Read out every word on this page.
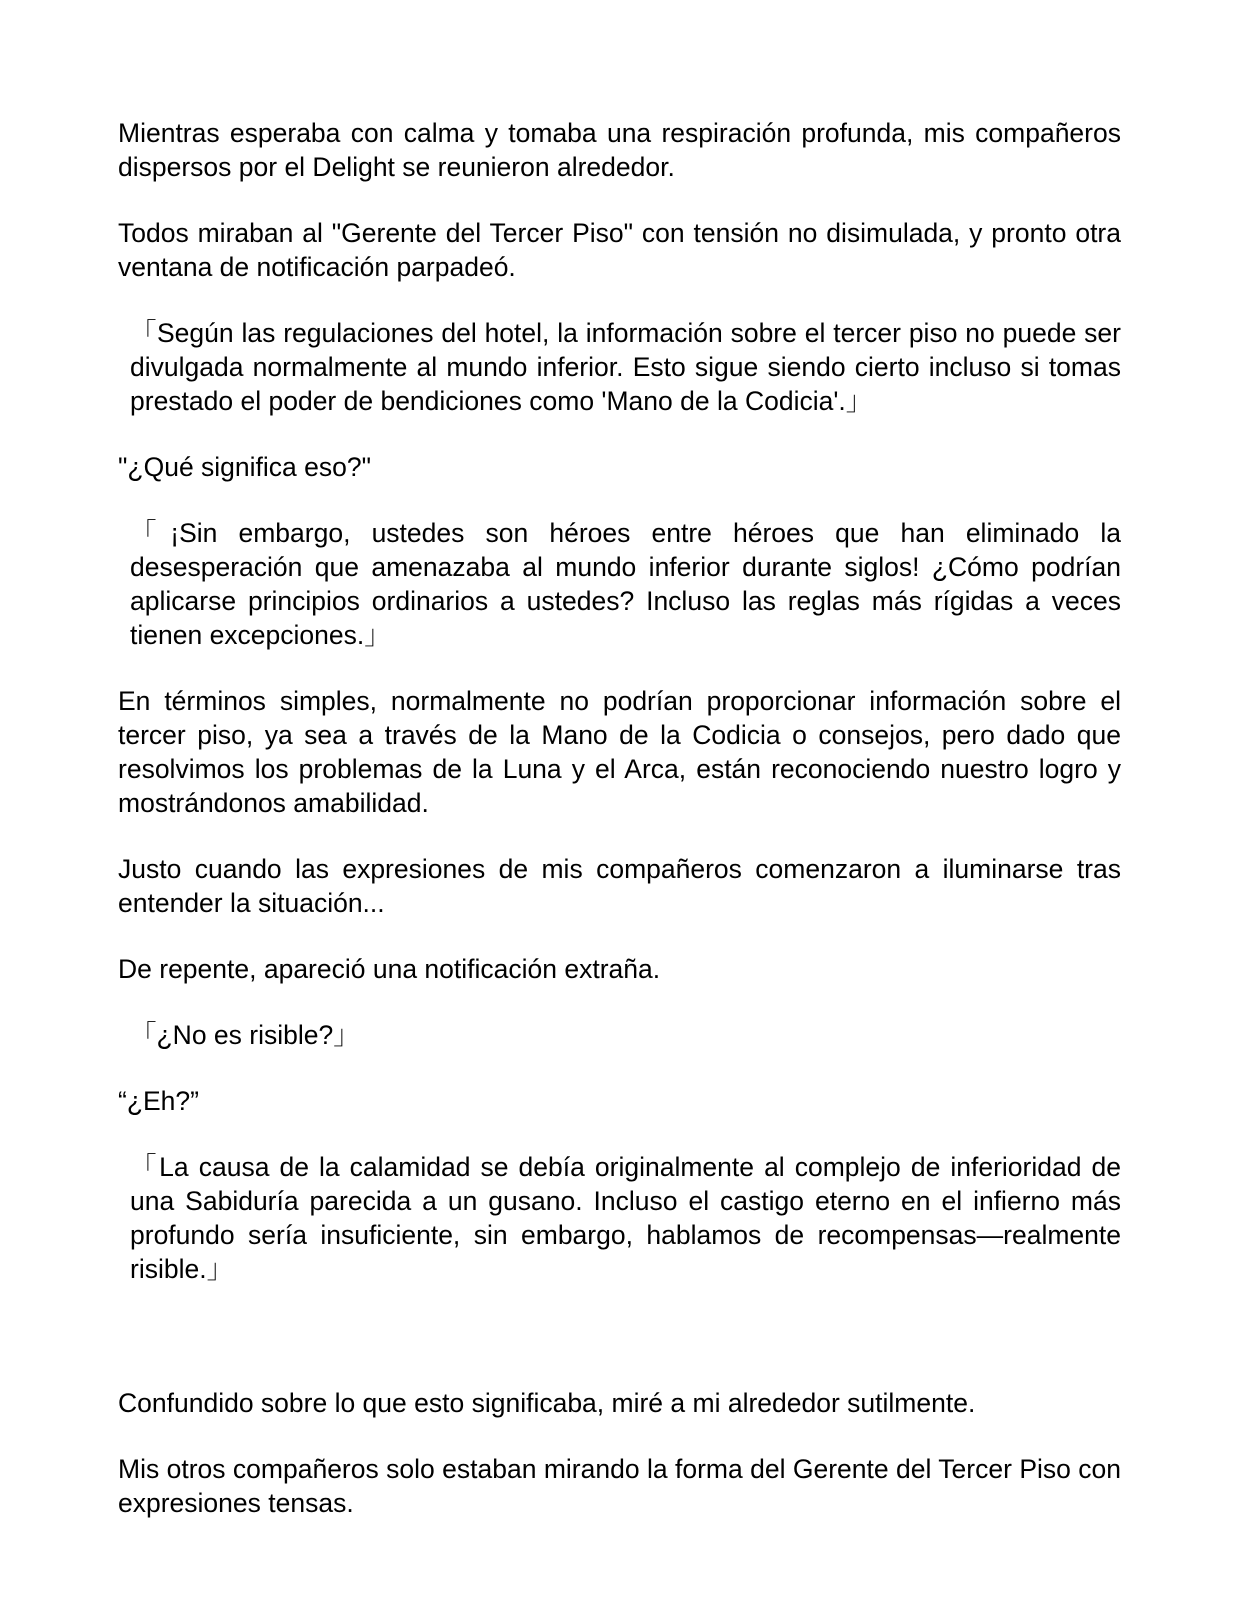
Mientras esperaba con calma y tomaba una respiración profunda, mis compañeros dispersos por el Delight se reunieron alrededor.

Todos miraban al "Gerente del Tercer Piso" con tensión no disimulada, y pronto otra ventana de notificación parpadeó.

「Según las regulaciones del hotel, la información sobre el tercer piso no puede ser divulgada normalmente al mundo inferior. Esto sigue siendo cierto incluso si tomas prestado el poder de bendiciones como 'Mano de la Codicia'.」

"¿Qué significa eso?"

「¡Sin embargo, ustedes son héroes entre héroes que han eliminado la desesperación que amenazaba al mundo inferior durante siglos! ¿Cómo podrían aplicarse principios ordinarios a ustedes? Incluso las reglas más rígidas a veces tienen excepciones.」

En términos simples, normalmente no podrían proporcionar información sobre el tercer piso, ya sea a través de la Mano de la Codicia o consejos, pero dado que resolvimos los problemas de la Luna y el Arca, están reconociendo nuestro logro y mostrándonos amabilidad.

Justo cuando las expresiones de mis compañeros comenzaron a iluminarse tras entender la situación...

De repente, apareció una notificación extraña.

「¿No es risible?」

“¿Eh?”

「La causa de la calamidad se debía originalmente al complejo de inferioridad de una Sabiduría parecida a un gusano. Incluso el castigo eterno en el infierno más profundo sería insuficiente, sin embargo, hablamos de recompensas—realmente risible.」

Confundido sobre lo que esto significaba, miré a mi alrededor sutilmente.

Mis otros compañeros solo estaban mirando la forma del Gerente del Tercer Piso con expresiones tensas.
